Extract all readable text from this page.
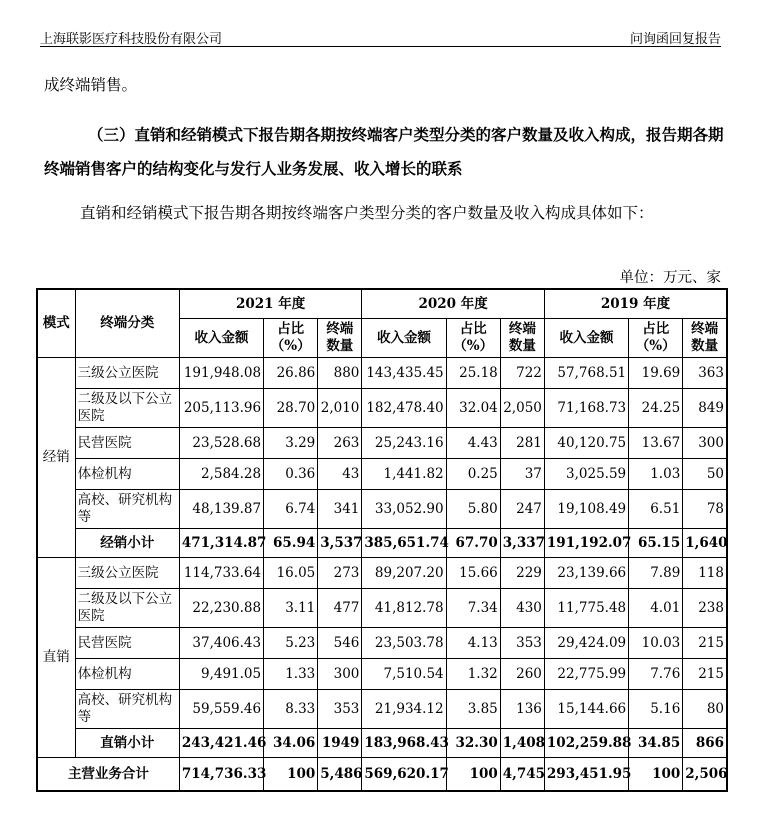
上海联影医疗科技股份有限公司	问询函回复报告
成终端销售。
（三）直销和经销模式下报告期各期按终端客户类型分类的客户数量及收入构成，报告期各期终端销售客户的结构变化与发行人业务发展、收入增长的联系
直销和经销模式下报告期各期按终端客户类型分类的客户数量及收入构成具体如下：
单位：万元、家
模式	终端分类	2021 年度			2020 年度			2019 年度		
		收入金额	占比（%）	终端数量	收入金额	占比（%）	终端数量	收入金额	占比（%）	终端数量
经销	三级公立医院	191,948.08	26.86	880	143,435.45	25.18	722	57,768.51	19.69	363
	二级及以下公立医院	205,113.96	28.70	2,010	182,478.40	32.04	2,050	71,168.73	24.25	849
	民营医院	23,528.68	3.29	263	25,243.16	4.43	281	40,120.75	13.67	300
	体检机构	2,584.28	0.36	43	1,441.82	0.25	37	3,025.59	1.03	50
	高校、研究机构等	48,139.87	6.74	341	33,052.90	5.80	247	19,108.49	6.51	78
	经销小计	471,314.87	65.94	3,537	385,651.74	67.70	3,337	191,192.07	65.15	1,640
直销	三级公立医院	114,733.64	16.05	273	89,207.20	15.66	229	23,139.66	7.89	118
	二级及以下公立医院	22,230.88	3.11	477	41,812.78	7.34	430	11,775.48	4.01	238
	民营医院	37,406.43	5.23	546	23,503.78	4.13	353	29,424.09	10.03	215
	体检机构	9,491.05	1.33	300	7,510.54	1.32	260	22,775.99	7.76	215
	高校、研究机构等	59,559.46	8.33	353	21,934.12	3.85	136	15,144.66	5.16	80
	直销小计	243,421.46	34.06	1949	183,968.43	32.30	1,408	102,259.88	34.85	866
主营业务合计		714,736.33	100	5,486	569,620.17	100	4,745	293,451.95	100	2,506
